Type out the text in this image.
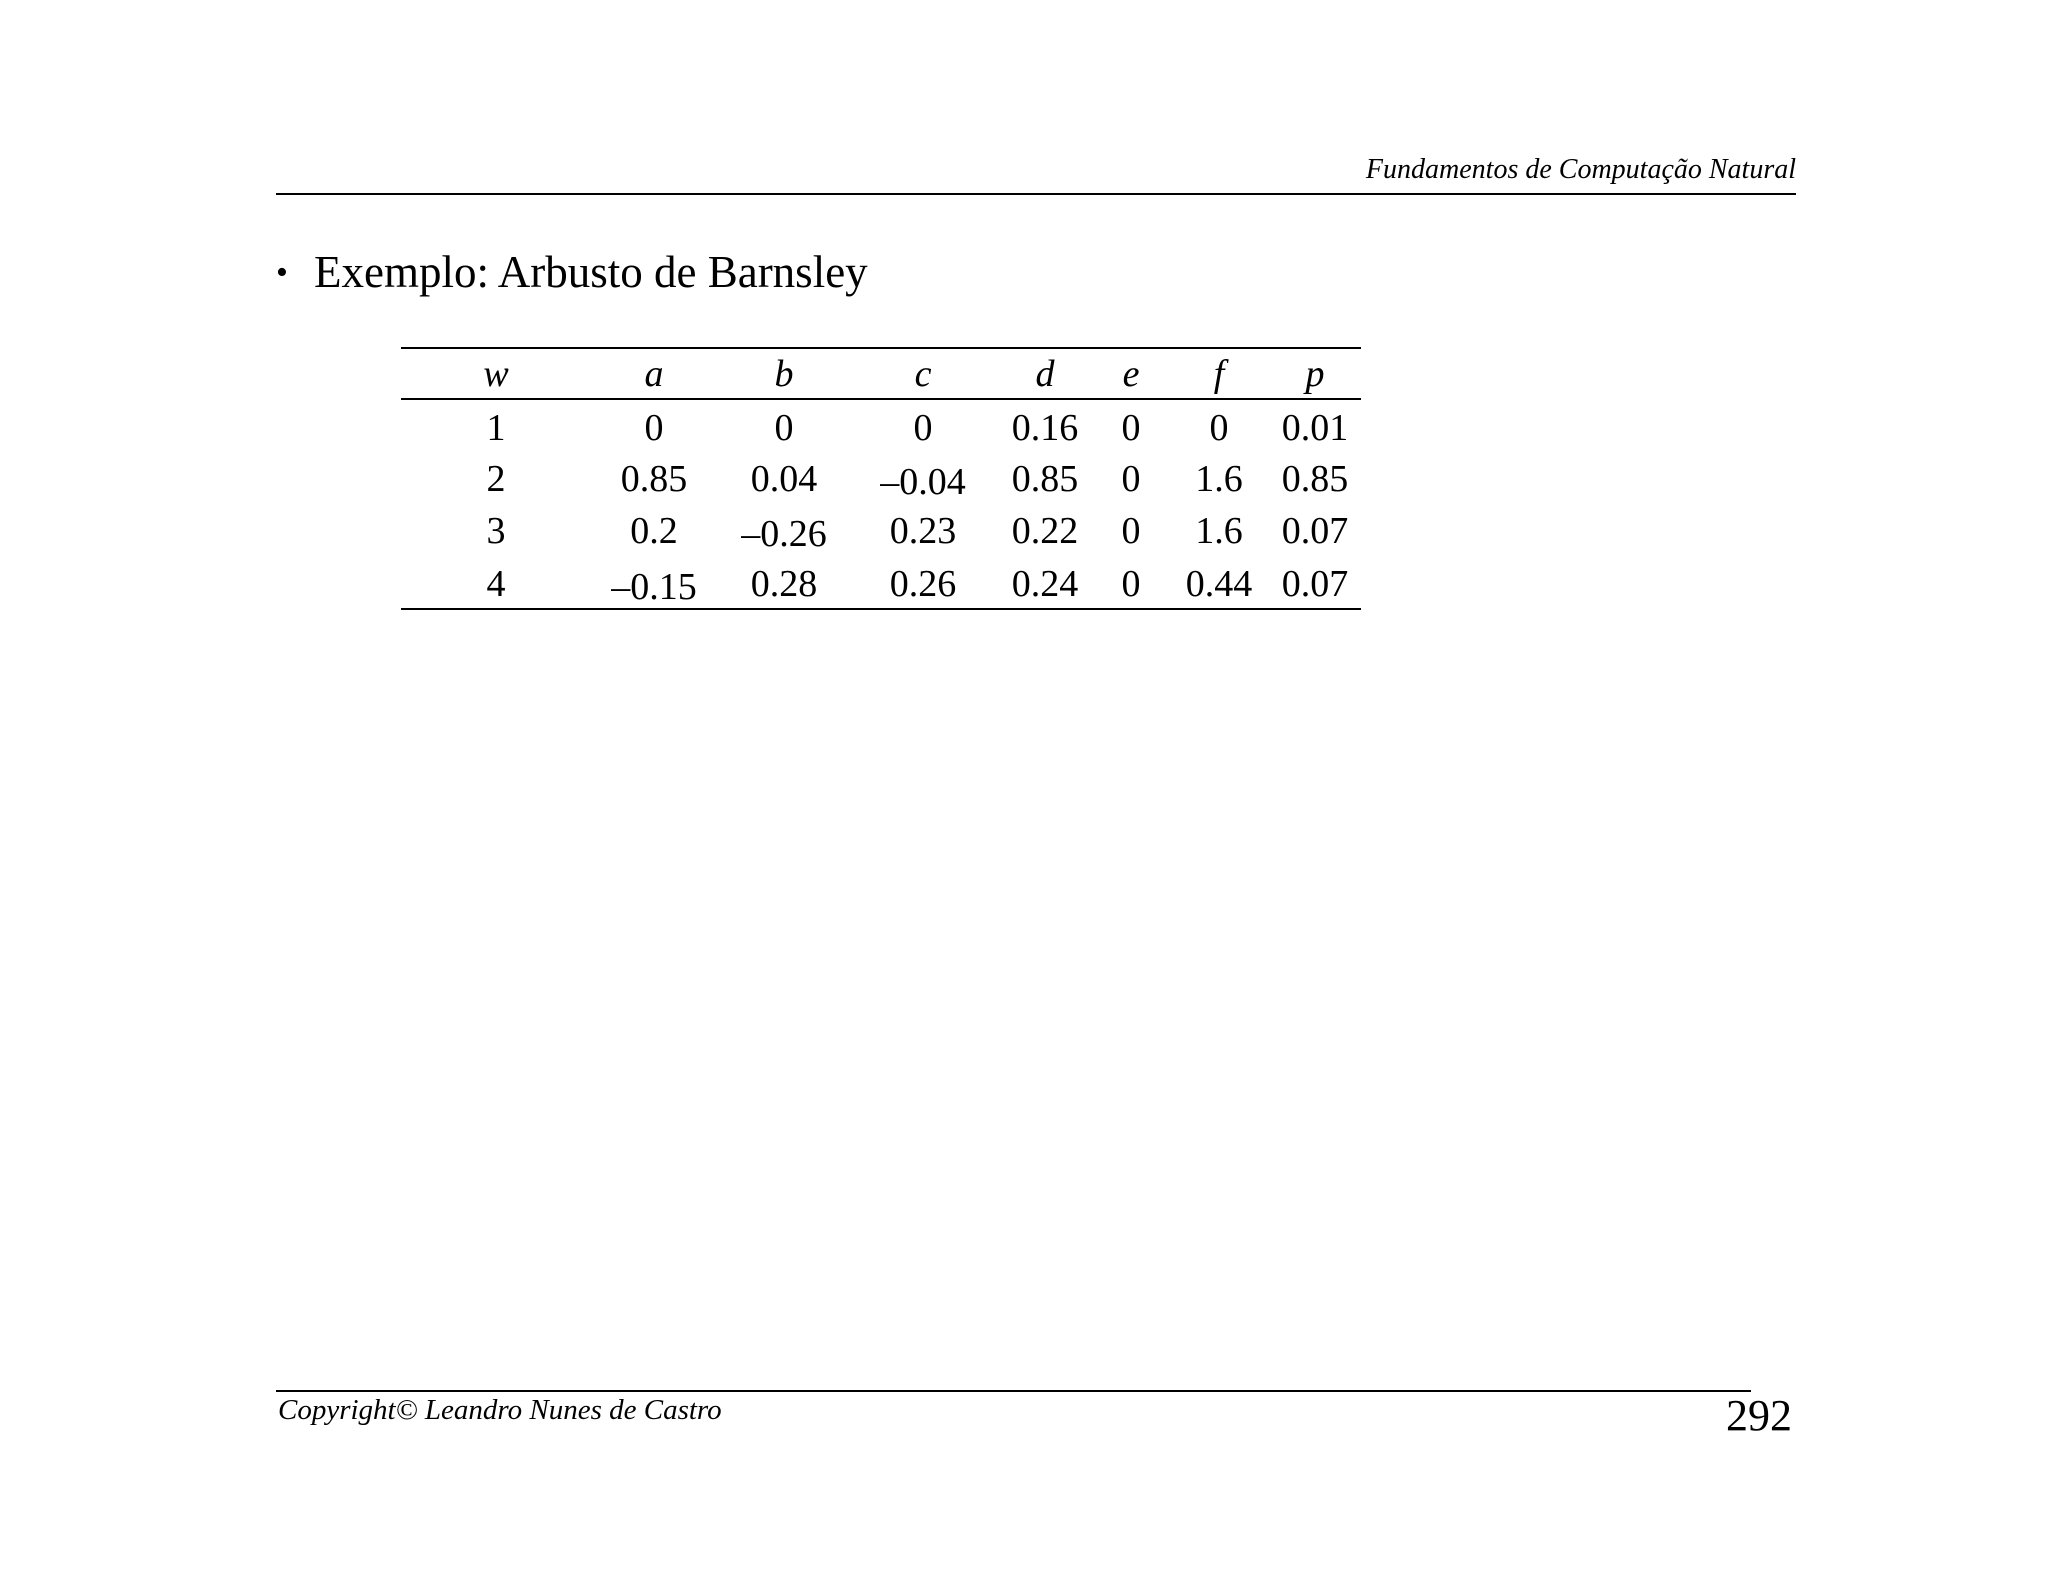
Fundamentos de Computação Natural
• Exemplo: Arbusto de Barnsley
w	a	b	c	d	e	f	p
1	0	0	0	0.16	0	0	0.01
2	0.85	0.04	–0.04	0.85	0	1.6	0.85
3	0.2	–0.26	0.23	0.22	0	1.6	0.07
4	–0.15	0.28	0.26	0.24	0	0.44 0.07
Copyright© Leandro Nunes de Castro	292
